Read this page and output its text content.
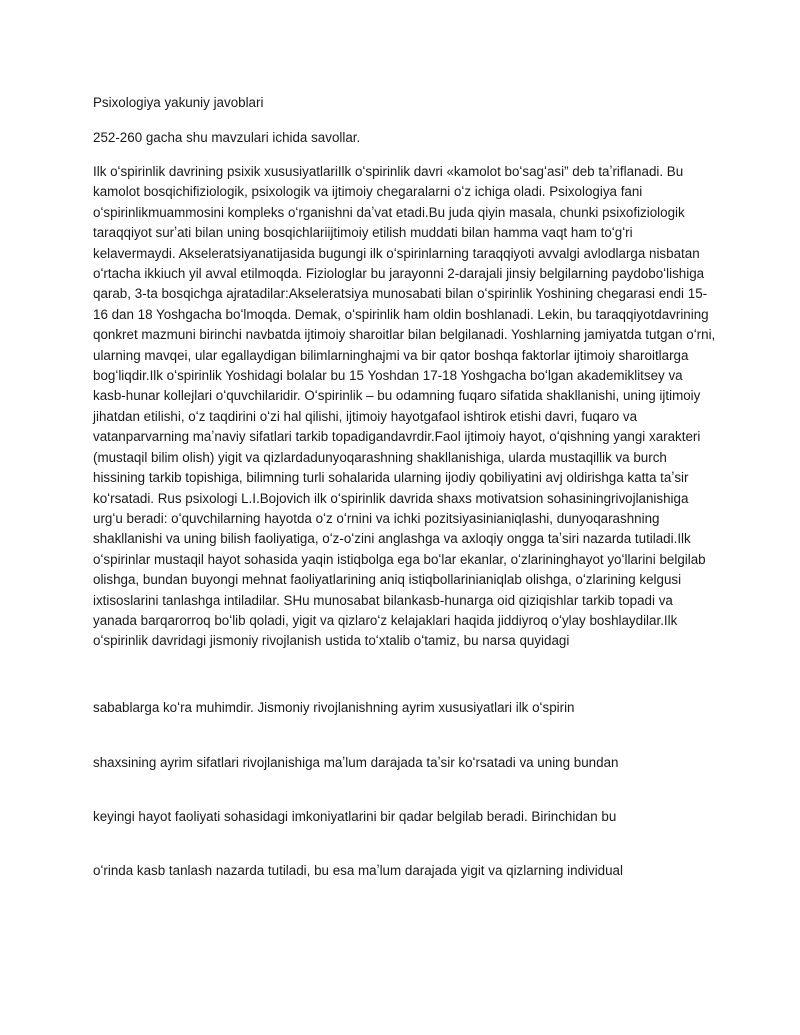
Psixologiya yakuniy javoblari

252-260 gacha shu mavzulari ichida savollar.

Ilk oʻspirinlik davrining psixik xususiyatlariIlk oʻspirinlik davri «kamolot boʻsagʻasi” deb taʼriflanadi. Bu kamolot bosqichifiziologik, psixologik va ijtimoiy chegaralarni oʻz ichiga oladi. Psixologiya fani oʻspirinlikmuammosini kompleks oʻrganishni daʼvat etadi.Bu juda qiyin masala, chunki psixofiziologik taraqqiyot surʼati bilan uning bosqichlariijtimoiy etilish muddati bilan hamma vaqt ham toʻgʻri kelavermaydi. Akseleratsiyanatijasida bugungi ilk oʻspirinlarning taraqqiyoti avvalgi avlodlarga nisbatan oʻrtacha ikkiuch yil avval etilmoqda. Fiziologlar bu jarayonni 2-darajali jinsiy belgilarning paydoboʻlishiga qarab, 3-ta bosqichga ajratadilar:Akseleratsiya munosabati bilan oʻspirinlik Yoshining chegarasi endi 15-16 dan 18 Yoshgacha boʻlmoqda. Demak, oʻspirinlik ham oldin boshlanadi. Lekin, bu taraqqiyotdavrining qonkret mazmuni birinchi navbatda ijtimoiy sharoitlar bilan belgilanadi. Yoshlarning jamiyatda tutgan oʻrni, ularning mavqei, ular egallaydigan bilimlarninghajmi va bir qator boshqa faktorlar ijtimoiy sharoitlarga bogʻliqdir.Ilk oʻspirinlik Yoshidagi bolalar bu 15 Yoshdan 17-18 Yoshgacha boʻlgan akademiklitsey va kasb-hunar kollejlari oʻquvchilaridir. Oʻspirinlik – bu odamning fuqaro sifatida shakllanishi, uning ijtimoiy jihatdan etilishi, oʻz taqdirini oʻzi hal qilishi, ijtimoiy hayotgafaol ishtirok etishi davri, fuqaro va vatanparvarning maʼnaviy sifatlari tarkib topadigandavrdir.Faol ijtimoiy hayot, oʻqishning yangi xarakteri (mustaqil bilim olish) yigit va qizlardadunyoqarashning shakllanishiga, ularda mustaqillik va burch hissining tarkib topishiga, bilimning turli sohalarida ularning ijodiy qobiliyatini avj oldirishga katta taʼsir koʻrsatadi. Rus psixologi L.I.Bojovich ilk oʻspirinlik davrida shaxs motivatsion sohasiningrivojlanishiga urgʻu beradi: oʻquvchilarning hayotda oʻz oʻrnini va ichki pozitsiyasinianiqlashi, dunyoqarashning shakllanishi va uning bilish faoliyatiga, oʻz-oʻzini anglashga va axloqiy ongga taʼsiri nazarda tutiladi.Ilk oʻspirinlar mustaqil hayot sohasida yaqin istiqbolga ega boʻlar ekanlar, oʻzlarininghayot yoʻllarini belgilab olishga, bundan buyongi mehnat faoliyatlarining aniq istiqbollarinianiqlab olishga, oʻzlarining kelgusi ixtisoslarini tanlashga intiladilar. SHu munosabat bilankasb-hunarga oid qiziqishlar tarkib topadi va yanada barqarorroq boʻlib qoladi, yigit va qizlaroʻz kelajaklari haqida jiddiyroq oʻylay boshlaydilar.Ilk oʻspirinlik davridagi jismoniy rivojlanish ustida toʻxtalib oʻtamiz, bu narsa quyidagi

sabablarga koʻra muhimdir. Jismoniy rivojlanishning ayrim xususiyatlari ilk oʻspirin

shaxsining ayrim sifatlari rivojlanishiga maʼlum darajada taʼsir koʻrsatadi va uning bundan

keyingi hayot faoliyati sohasidagi imkoniyatlarini bir qadar belgilab beradi. Birinchidan bu

oʻrinda kasb tanlash nazarda tutiladi, bu esa maʼlum darajada yigit va qizlarning individual
